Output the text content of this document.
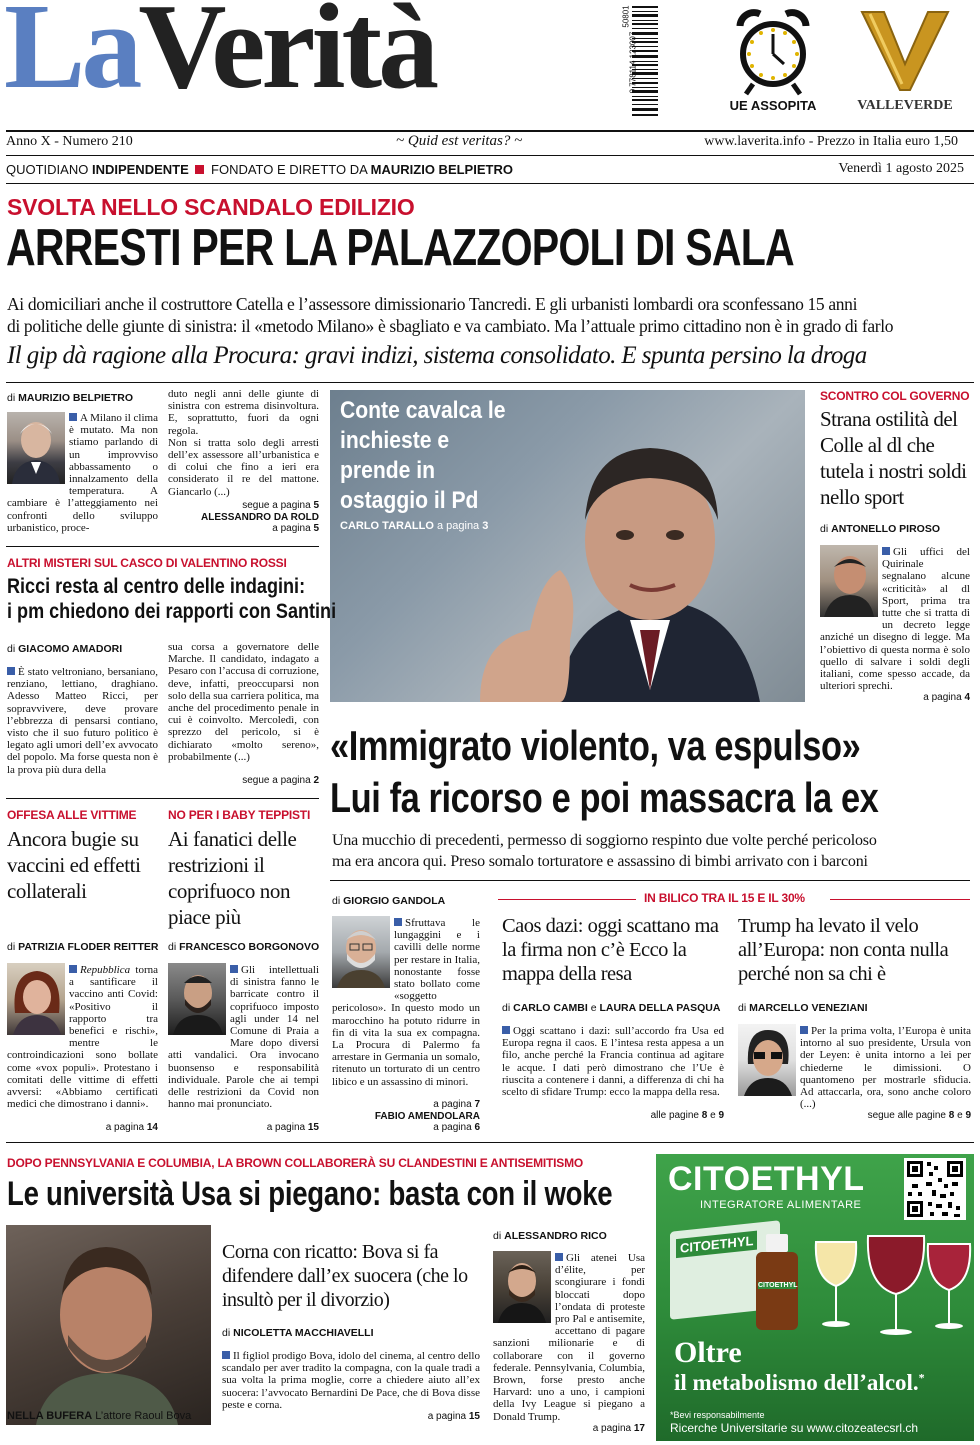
LaVerità	9 778114 123007
50801
UE ASSOPITA	VALLEVERDE
Anno X - Numero 210	~ Quid est veritas? ~	www.laverita.info - Prezzo in Italia euro 1,50
QUOTIDIANO INDIPENDENTE FONDATO E DIRETTO DA MAURIZIO BELPIETRO	Venerdì 1 agosto 2025
SVOLTA NELLO SCANDALO EDILIZIO
ARRESTI PER LA PALAZZOPOLI DI SALA
Ai domiciliari anche il costruttore Catella e l’assessore dimissionario Tancredi. E gli urbanisti lombardi ora sconfessano 15 anni
di politiche delle giunte di sinistra: il «metodo Milano» è sbagliato e va cambiato. Ma l’attuale primo cittadino non è in grado di farlo
Il gip dà ragione alla Procura: gravi indizi, sistema consolidato. E spunta persino la droga
di MAURIZIO BELPIETRO
A Milano il clima è mutato. Ma non stiamo parlando di un improvviso abbassamento o innalzamento della temperatura. A cambiare è l’atteggiamento nei confronti dello sviluppo urbanistico, proce-
duto negli anni delle giunte di sinistra con estrema disinvoltura. E, soprattutto, fuori da ogni regola.
Non si tratta solo degli arresti dell’ex assessore all’urbanistica e di colui che fino a ieri era considerato il re del mattone. Giancarlo (...)
segue a pagina 5
ALESSANDRO DA ROLD
a pagina 5
Conte cavalca le inchieste e prende in ostaggio il Pd
CARLO TARALLO a pagina 3
SCONTRO COL GOVERNO
Strana ostilità del Colle al dl che tutela i nostri soldi nello sport
di ANTONELLO PIROSO
Gli uffici del Quirinale segnalano alcune «criticità» al dl Sport, prima tra tutte che si tratta di un decreto legge anziché un disegno di legge. Ma l’obiettivo di questa norma è solo quello di salvare i soldi degli italiani, come spesso accade, da ulteriori sprechi.
a pagina 4
ALTRI MISTERI SUL CASCO DI VALENTINO ROSSI
Ricci resta al centro delle indagini:
i pm chiedono dei rapporti con Santini
di GIACOMO AMADORI
È stato veltroniano, bersaniano, renziano, lettiano, draghiano. Adesso Matteo Ricci, per sopravvivere, deve provare l’ebbrezza di pensarsi contiano, visto che il suo futuro politico è legato agli umori dell’ex avvocato del popolo. Ma forse questa non è la prova più dura della
sua corsa a governatore delle Marche. Il candidato, indagato a Pesaro con l’accusa di corruzione, deve, infatti, preoccuparsi non solo della sua carriera politica, ma anche del procedimento penale in cui è coinvolto. Mercoledì, con sprezzo del pericolo, si è dichiarato «molto sereno», probabilmente (...)
segue a pagina 2
«Immigrato violento, va espulso»
Lui fa ricorso e poi massacra la ex
Una mucchio di precedenti, permesso di soggiorno respinto due volte perché pericoloso
ma era ancora qui. Preso somalo torturatore e assassino di bimbi arrivato con i barconi
OFFESA ALLE VITTIME
Ancora bugie su vaccini ed effetti collaterali
di PATRIZIA FLODER REITTER
Repubblica torna a santificare il vaccino anti Covid: «Positivo il rapporto tra benefici e rischi», mentre le controindicazioni sono bollate come «vox populi». Protestano i comitati delle vittime di effetti avversi: «Abbiamo certificati medici che dimostrano i danni».
a pagina 14
NO PER I BABY TEPPISTI
Ai fanatici delle restrizioni il coprifuoco non piace più
di FRANCESCO BORGONOVO
Gli intellettuali di sinistra fanno le barricate contro il coprifuoco imposto agli under 14 nel Comune di Praia a Mare dopo diversi atti vandalici. Ora invocano buonsenso e responsabilità individuale. Parole che ai tempi delle restrizioni da Covid non hanno mai pronunciato.
a pagina 15
di GIORGIO GANDOLA
Sfruttava le lungaggini e i cavilli delle norme per restare in Italia, nonostante fosse stato bollato come «soggetto pericoloso». In questo modo un marocchino ha potuto ridurre in fin di vita la sua ex compagna. La Procura di Palermo fa arrestare in Germania un somalo, ritenuto un torturato di un centro libico e un assassino di minori.
a pagina 7
FABIO AMENDOLARA
a pagina 6
IN BILICO TRA IL 15 E IL 30%
Caos dazi: oggi scattano ma la firma non c’è Ecco la mappa della resa
di CARLO CAMBI e LAURA DELLA PASQUA
Oggi scattano i dazi: sull’accordo fra Usa ed Europa regna il caos. E l’intesa resta appesa a un filo, anche perché la Francia continua ad agitare le acque. I dati però dimostrano che l’Ue è riuscita a contenere i danni, a differenza di chi ha scelto di sfidare Trump: ecco la mappa della resa.
alle pagine 8 e 9
Trump ha levato il velo all’Europa: non conta nulla perché non sa chi è
di MARCELLO VENEZIANI
Per la prima volta, l’Europa è unita intorno al suo presidente, Ursula von der Leyen: è unita intorno a lei per chiederne le dimissioni. O quantomeno per mostrarle sfiducia. Ad attaccarla, ora, sono anche coloro (...)
segue alle pagine 8 e 9
DOPO PENNSYLVANIA E COLUMBIA, LA BROWN COLLABORERÀ SU CLANDESTINI E ANTISEMITISMO
Le università Usa si piegano: basta con il woke
NELLA BUFERA L’attore Raoul Bova
Corna con ricatto: Bova si fa difendere dall’ex suocera (che lo insultò per il divorzio)
di NICOLETTA MACCHIAVELLI
Il figliol prodigo Bova, idolo del cinema, al centro dello scandalo per aver tradito la compagna, con la quale tradì a sua volta la prima moglie, corre a chiedere aiuto all’ex suocera: l’avvocato Bernardini De Pace, che di Bova disse peste e corna.
a pagina 15
di ALESSANDRO RICO
Gli atenei Usa d’élite, per scongiurare i fondi bloccati dopo l’ondata di proteste pro Pal e antisemite, accettano di pagare sanzioni milionarie e di collaborare con il governo federale. Pennsylvania, Columbia, Brown, forse presto anche Harvard: uno a uno, i campioni della Ivy League si piegano a Donald Trump.
a pagina 17
CITOETHYL
INTEGRATORE ALIMENTARE
CITOETHYL
CITOETHYL
Oltre
il metabolismo dell’alcol.*
*Bevi responsabilmente
Ricerche Universitarie su www.citozeatecsrl.ch
